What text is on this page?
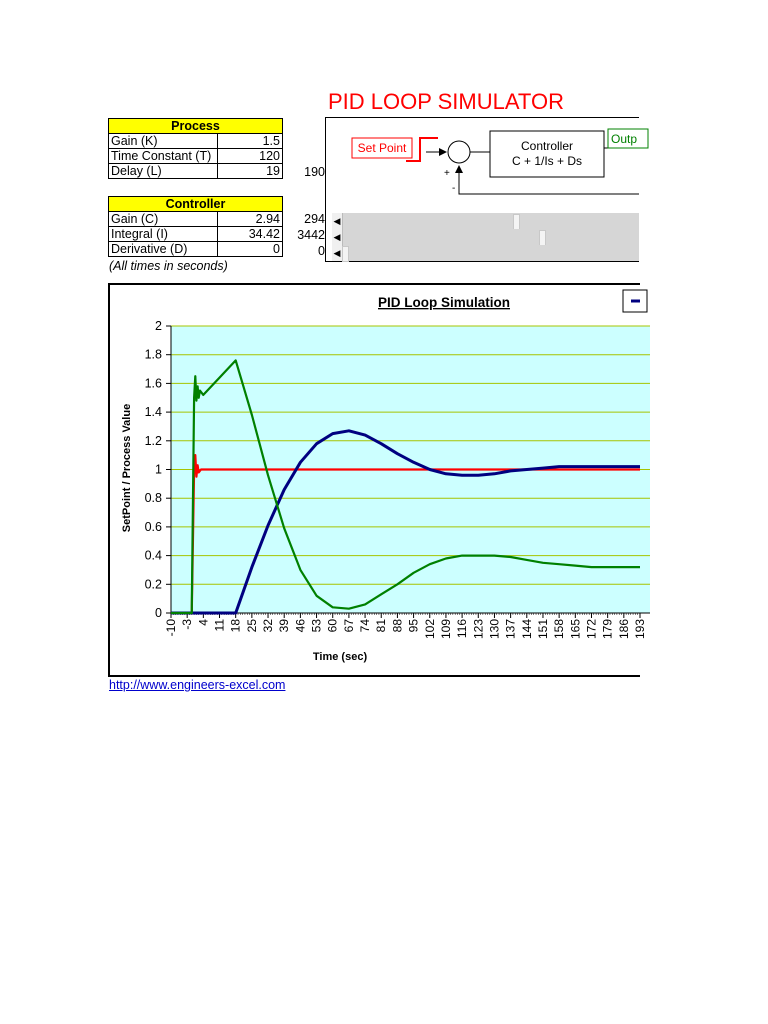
PID LOOP SIMULATOR
Process	
Gain (K)	1.5
Time Constant (T)	120
Delay (L)	19	190
Controller	
Gain (C)	2.94
Integral (I)	34.42
Derivative (D)	0
294
3442
0
(All times in seconds)
Set Point
+
-
Controller
C + 1/Is + Ds
Outp
◀
◀
◀
PID Loop Simulation
0
0.2
0.4
0.6
0.8
1
1.2
1.4
1.6
1.8
2
-10 -3 4 11 18 25 32 39 46 53 60 67 74 81 88 95 102 109 116 123 130 137 144 151 158 165 172 179 186 193
Time (sec)
SetPoint / Process Value
http://www.engineers-excel.com
